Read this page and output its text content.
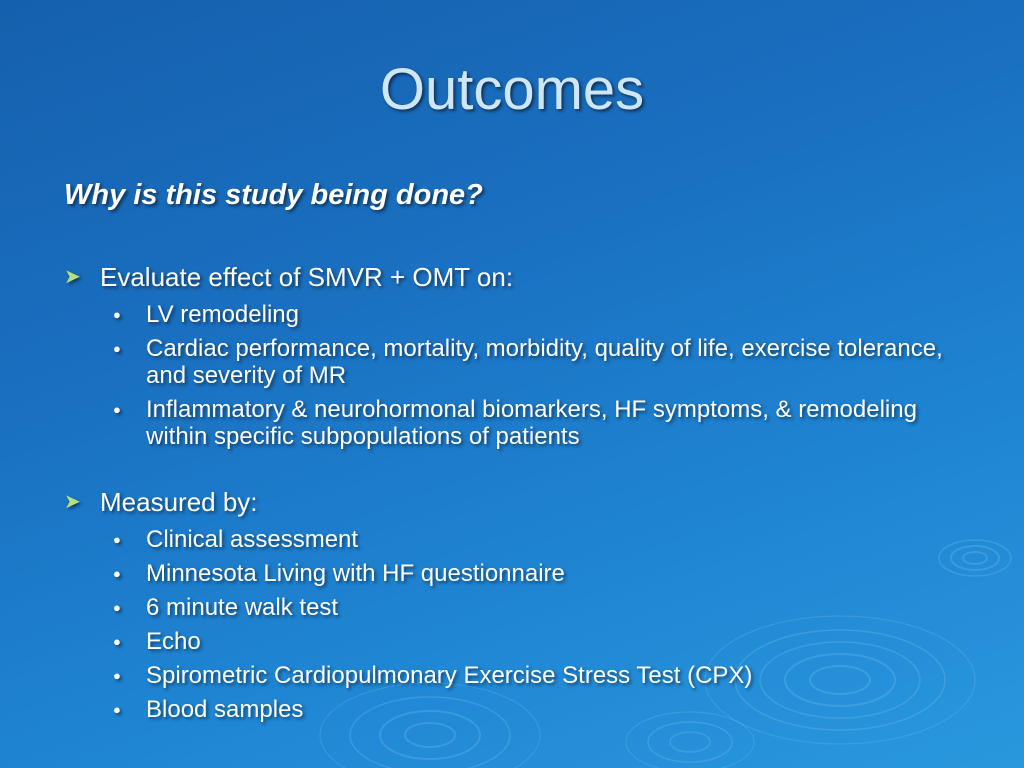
Outcomes
Why is this study being done?
➤ Evaluate effect of SMVR + OMT on:
● LV remodeling
● Cardiac performance, mortality, morbidity, quality of life, exercise tolerance, and severity of MR
● Inflammatory & neurohormonal biomarkers, HF symptoms, & remodeling within specific subpopulations of patients
➤ Measured by:
● Clinical assessment
● Minnesota Living with HF questionnaire
● 6 minute walk test
● Echo
● Spirometric Cardiopulmonary Exercise Stress Test (CPX)
● Blood samples
